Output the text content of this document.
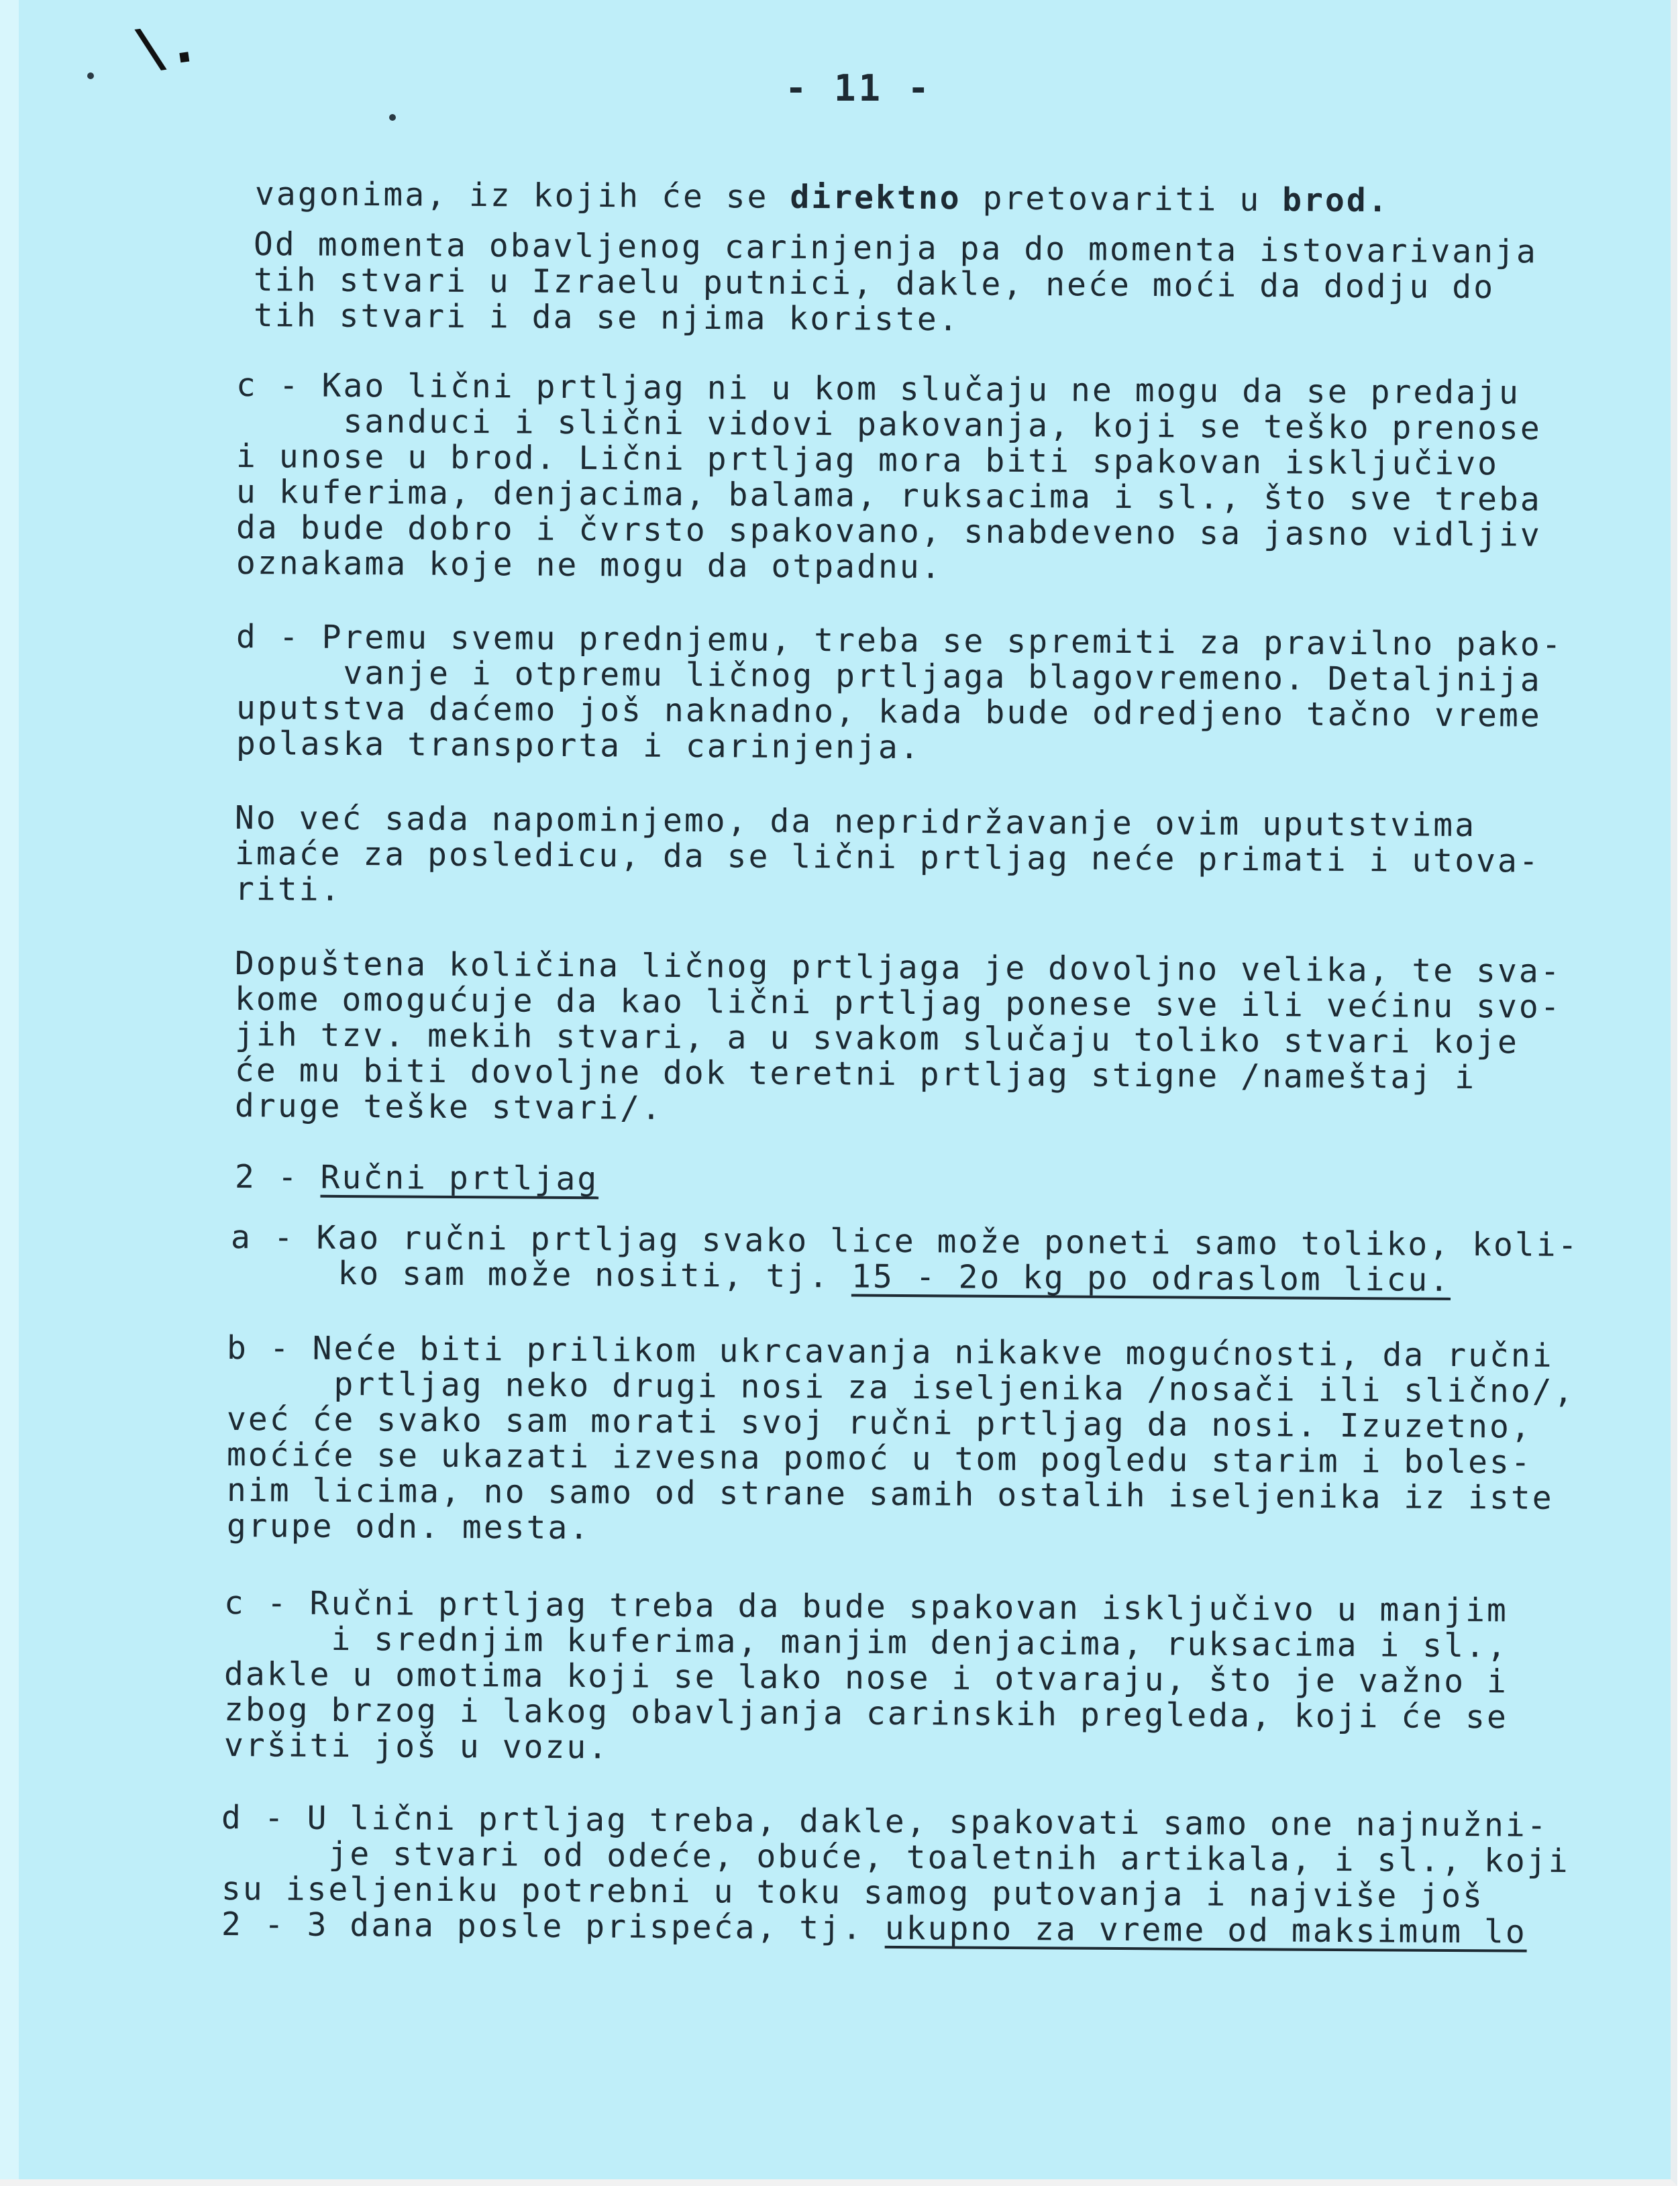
\.
- 11 -
vagonima, iz kojih će se direktno pretovariti u brod.
Od momenta obavljenog carinjenja pa do momenta istovarivanja
tih stvari u Izraelu putnici, dakle, neće moći da dodju do
tih stvari i da se njima koriste.
c - Kao lični prtljag ni u kom slučaju ne mogu da se predaju
sanduci i slični vidovi pakovanja, koji se teško prenose
i unose u brod. Lični prtljag mora biti spakovan isključivo
u kuferima, denjacima, balama, ruksacima i sl., što sve treba
da bude dobro i čvrsto spakovano, snabdeveno sa jasno vidljiv
oznakama koje ne mogu da otpadnu.
d - Premu svemu prednjemu, treba se spremiti za pravilno pako-
vanje i otpremu ličnog prtljaga blagovremeno. Detaljnija
uputstva daćemo još naknadno, kada bude odredjeno tačno vreme
polaska transporta i carinjenja.
No već sada napominjemo, da nepridržavanje ovim uputstvima
imaće za posledicu, da se lični prtljag neće primati i utova-
riti.
Dopuštena količina ličnog prtljaga je dovoljno velika, te sva-
kome omogućuje da kao lični prtljag ponese sve ili većinu svo-
jih tzv. mekih stvari, a u svakom slučaju toliko stvari koje
će mu biti dovoljne dok teretni prtljag stigne /nameštaj i
druge teške stvari/.
2 - Ručni prtljag
a - Kao ručni prtljag svako lice može poneti samo toliko, koli-
ko sam može nositi, tj. 15 - 2o kg po odraslom licu.
b - Neće biti prilikom ukrcavanja nikakve mogućnosti, da ručni
prtljag neko drugi nosi za iseljenika /nosači ili slično/,
već će svako sam morati svoj ručni prtljag da nosi. Izuzetno,
moćiće se ukazati izvesna pomoć u tom pogledu starim i boles-
nim licima, no samo od strane samih ostalih iseljenika iz iste
grupe odn. mesta.
c - Ručni prtljag treba da bude spakovan isključivo u manjim
i srednjim kuferima, manjim denjacima, ruksacima i sl.,
dakle u omotima koji se lako nose i otvaraju, što je važno i
zbog brzog i lakog obavljanja carinskih pregleda, koji će se
vršiti još u vozu.
d - U lični prtljag treba, dakle, spakovati samo one najnužni-
je stvari od odeće, obuće, toaletnih artikala, i sl., koji
su iseljeniku potrebni u toku samog putovanja i najviše još
2 - 3 dana posle prispeća, tj. ukupno za vreme od maksimum lo
